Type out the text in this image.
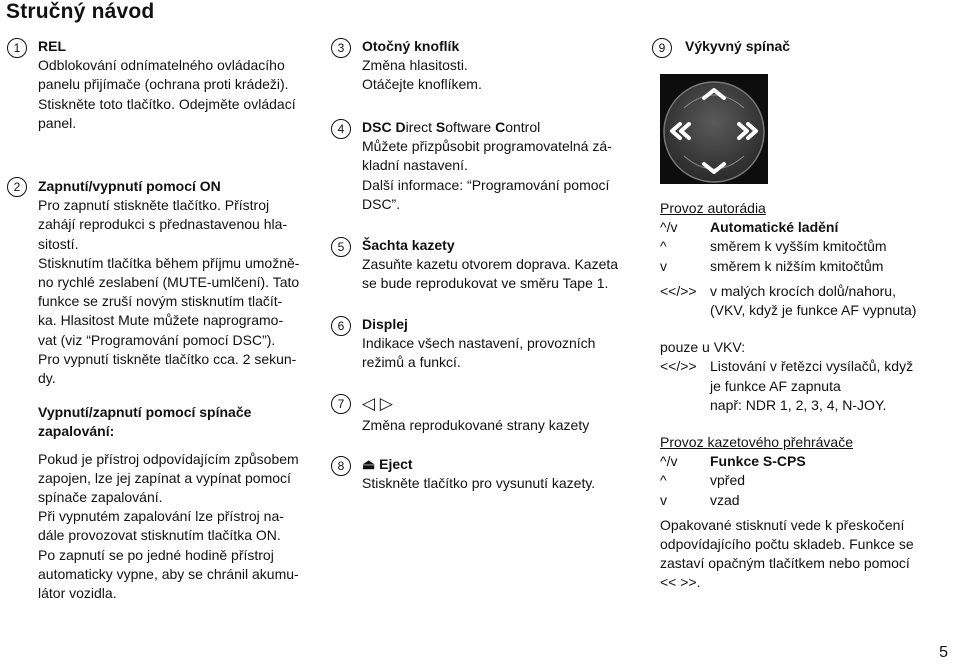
Stručný návod
1	REL

Odblokování odnímatelného ovládacího

panelu přijímače (ochrana proti krádeži).

Stiskněte toto tlačítko. Odejměte ovládací

panel.

2	Zapnutí/vypnutí pomocí ON

Pro zapnutí stiskněte tlačítko. Přístroj

zahájí reprodukci s přednastavenou hla-

sitostí.

Stisknutím tlačítka během příjmu umožně-

no rychlé zeslabení (MUTE-umlčení). Tato

funkce se zruší novým stisknutím tlačít-

ka. Hlasitost Mute můžete naprogramo-

vat (viz “Programování pomocí DSC”).

Pro vypnutí tiskněte tlačítko cca. 2 sekun-

dy.

Vypnutí/zapnutí pomocí spínače

zapalování:

Pokud je přístroj odpovídajícím způsobem

zapojen, lze jej zapínat a vypínat pomocí

spínače zapalování.

Při vypnutém zapalování lze přístroj na-

dále provozovat stisknutím tlačítka ON.

Po zapnutí se po jedné hodině přístroj

automaticky vypne, aby se chránil akumu-

látor vozidla.

3	Otočný knoflík

Změna hlasitosti.

Otáčejte knoflíkem.

4	DSC Direct Software Control

Můžete přizpůsobit programovatelná zá-

kladní nastavení.

Další informace: “Programování pomocí

DSC”.

5	Šachta kazety

Zasuňte kazetu otvorem doprava. Kazeta

se bude reprodukovat ve směru Tape 1.

6	Displej

Indikace všech nastavení, provozních

režimů a funkcí.

7	◁ ▷

Změna reprodukované strany kazety

8	⏏ Eject

Stiskněte tlačítko pro vysunutí kazety.

9	Výkyvný spínač

Provoz autorádia

^/v	Automatické ladění
^	směrem k vyšším kmitočtům
v	směrem k nižším kmitočtům
<</>> v malých krocích dolů/nahoru,
(VKV, když je funkce AF vypnuta)

pouze u VKV:

<</>> Listování v řetězci vysílačů, když
je funkce AF zapnuta
např: NDR 1, 2, 3, 4, N-JOY.

Provoz kazetového přehrávače

^/v	Funkce S-CPS
^	vpřed
v	vzad

Opakované stisknutí vede k přeskočení

odpovídajícího počtu skladeb. Funkce se

zastaví opačným tlačítkem nebo pomocí

<< >>.

5
